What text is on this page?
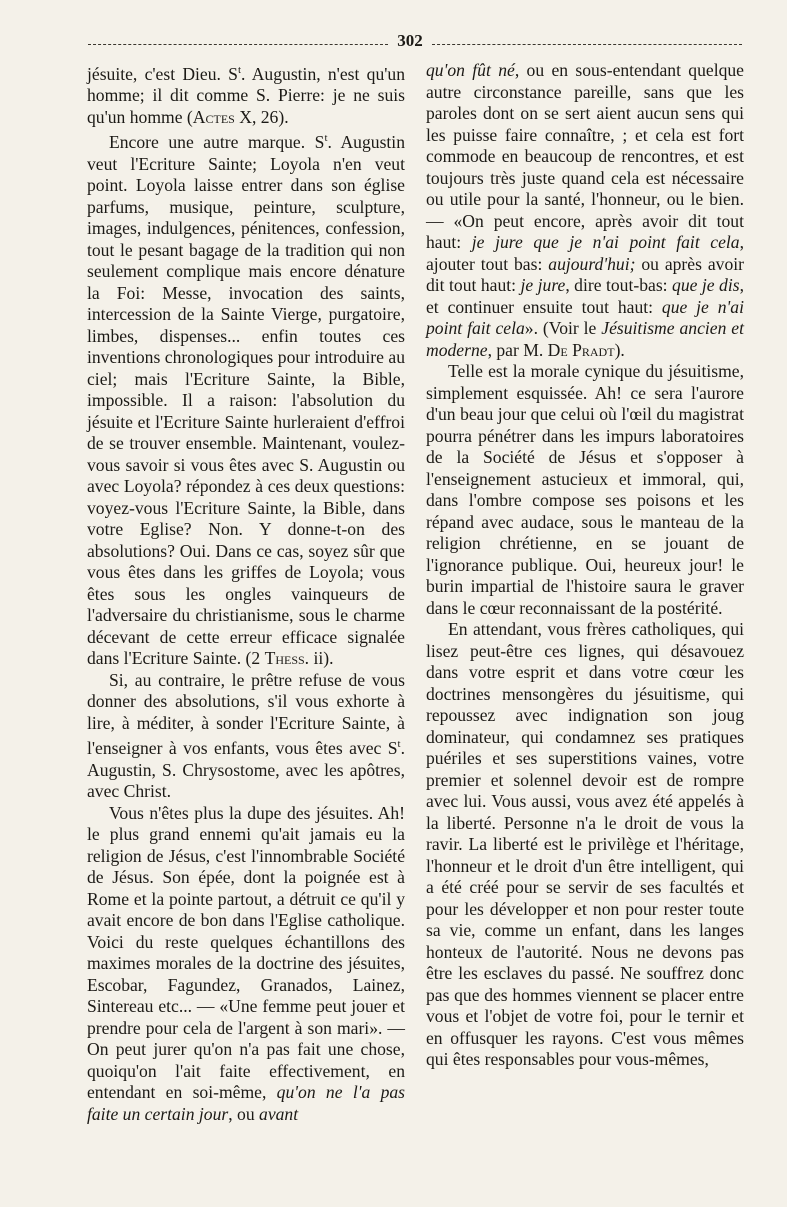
302

jésuite, c'est Dieu. $S^t$. Augustin, n'est qu'un homme; il dit comme S. Pierre: je ne suis qu'un homme (Actes X, 26).

Encore une autre marque. $S^t$. Augustin veut l'Ecriture Sainte; Loyola n'en veut point. Loyola laisse entrer dans son église parfums, musique, peinture, sculpture, images, indulgences, pénitences, confession, tout le pesant bagage de la tradition qui non seulement complique mais encore dénature la Foi: Messe, invocation des saints, intercession de la Sainte Vierge, purgatoire, limbes, dispenses... enfin toutes ces inventions chronologiques pour introduire au ciel; mais l'Ecriture Sainte, la Bible, impossible. Il a raison: l'absolution du jésuite et l'Ecriture Sainte hurleraient d'effroi de se trouver ensemble. Maintenant, voulez-vous savoir si vous êtes avec S. Augustin ou avec Loyola? répondez à ces deux questions: voyez-vous l'Ecriture Sainte, la Bible, dans votre Eglise? Non. Y donne-t-on des absolutions? Oui. Dans ce cas, soyez sûr que vous êtes dans les griffes de Loyola; vous êtes sous les ongles vainqueurs de l'adversaire du christianisme, sous le charme décevant de cette erreur efficace signalée dans l'Ecriture Sainte. (2 Thess. ii).

Si, au contraire, le prêtre refuse de vous donner des absolutions, s'il vous exhorte à lire, à méditer, à sonder l'Ecriture Sainte, à l'enseigner à vos enfants, vous êtes avec $S^t$. Augustin, S. Chrysostome, avec les apôtres, avec Christ.

Vous n'êtes plus la dupe des jésuites. Ah! le plus grand ennemi qu'ait jamais eu la religion de Jésus, c'est l'innombrable Société de Jésus. Son épée, dont la poignée est à Rome et la pointe partout, a détruit ce qu'il y avait encore de bon dans l'Eglise catholique. Voici du reste quelques échantillons des maximes morales de la doctrine des jésuites, Escobar, Fagundez, Granados, Lainez, Sintereau etc... — «Une femme peut jouer et prendre pour cela de l'argent à son mari». — On peut jurer qu'on n'a pas fait une chose, quoiqu'on l'ait faite effectivement, en entendant en soi-même, qu'on ne l'a pas faite un certain jour, ou avant

qu'on fût né, ou en sous-entendant quelque autre circonstance pareille, sans que les paroles dont on se sert aient aucun sens qui les puisse faire connaître, ; et cela est fort commode en beaucoup de rencontres, et est toujours très juste quand cela est nécessaire ou utile pour la santé, l'honneur, ou le bien. — «On peut encore, après avoir dit tout haut: je jure que je n'ai point fait cela, ajouter tout bas: aujourd'hui; ou après avoir dit tout haut: je jure, dire tout-bas: que je dis, et continuer ensuite tout haut: que je n'ai point fait cela». (Voir le Jésuitisme ancien et moderne, par M. De Pradt).

Telle est la morale cynique du jésuitisme, simplement esquissée. Ah! ce sera l'aurore d'un beau jour que celui où l'œil du magistrat pourra pénétrer dans les impurs laboratoires de la Société de Jésus et s'opposer à l'enseignement astucieux et immoral, qui, dans l'ombre compose ses poisons et les répand avec audace, sous le manteau de la religion chrétienne, en se jouant de l'ignorance publique. Oui, heureux jour! le burin impartial de l'histoire saura le graver dans le cœur reconnaissant de la postérité.

En attendant, vous frères catholiques, qui lisez peut-être ces lignes, qui désavouez dans votre esprit et dans votre cœur les doctrines mensongères du jésuitisme, qui repoussez avec indignation son joug dominateur, qui condamnez ses pratiques puériles et ses superstitions vaines, votre premier et solennel devoir est de rompre avec lui. Vous aussi, vous avez été appelés à la liberté. Personne n'a le droit de vous la ravir. La liberté est le privilège et l'héritage, l'honneur et le droit d'un être intelligent, qui a été créé pour se servir de ses facultés et pour les développer et non pour rester toute sa vie, comme un enfant, dans les langes honteux de l'autorité. Nous ne devons pas être les esclaves du passé. Ne souffrez donc pas que des hommes viennent se placer entre vous et l'objet de votre foi, pour le ternir et en offusquer les rayons. C'est vous mêmes qui êtes responsables pour vous-mêmes,
